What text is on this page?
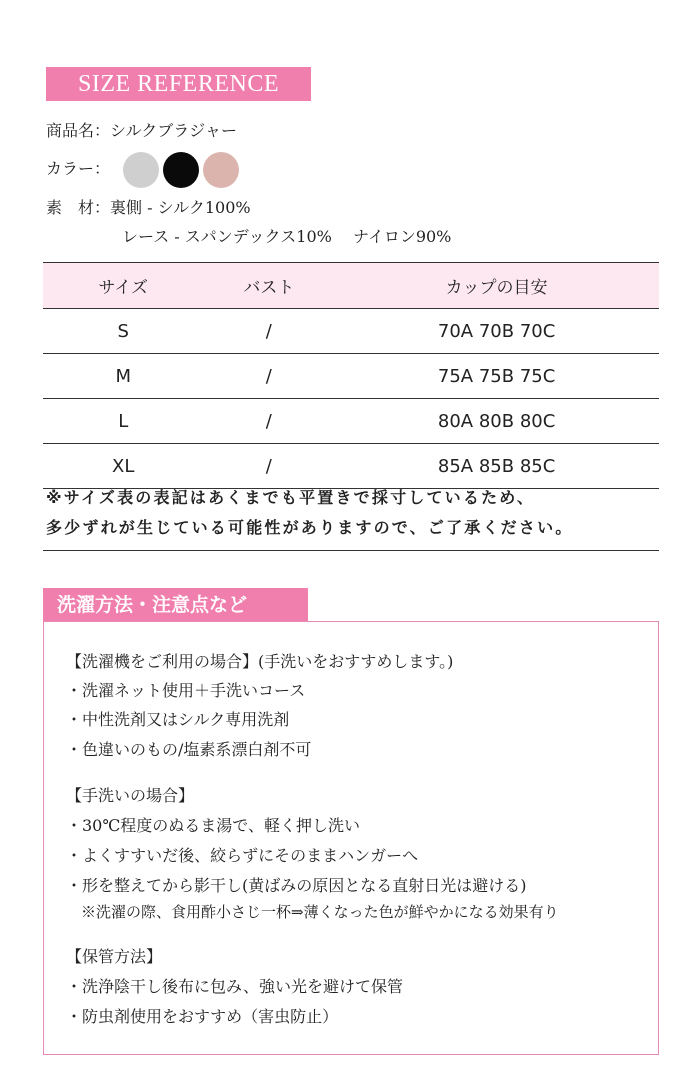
SIZE REFERENCE
商品名：シルクブラジャー
カラー：
素　材：裏側 - シルク100%
レース - スパンデックス10%　 ナイロン90%
サイズ	バスト	カップの目安
S	/	70A 70B 70C
M	/	75A 75B 75C
L	/	80A 80B 80C
XL	/	85A 85B 85C
※サイズ表の表記はあくまでも平置きで採寸しているため、
多少ずれが生じている可能性がありますので、ご了承ください。
洗濯方法・注意点など
【洗濯機をご利用の場合】(手洗いをおすすめします。)
・洗濯ネット使用＋手洗いコース
・中性洗剤又はシルク専用洗剤
・色違いのもの/塩素系漂白剤不可
【手洗いの場合】
・30℃程度のぬるま湯で、軽く押し洗い
・よくすすいだ後、絞らずにそのままハンガーへ
・形を整えてから影干し(黄ばみの原因となる直射日光は避ける)
　※洗濯の際、食用酢小さじ一杯⇒薄くなった色が鮮やかになる効果有り
【保管方法】
・洗浄陰干し後布に包み、強い光を避けて保管
・防虫剤使用をおすすめ（害虫防止）
